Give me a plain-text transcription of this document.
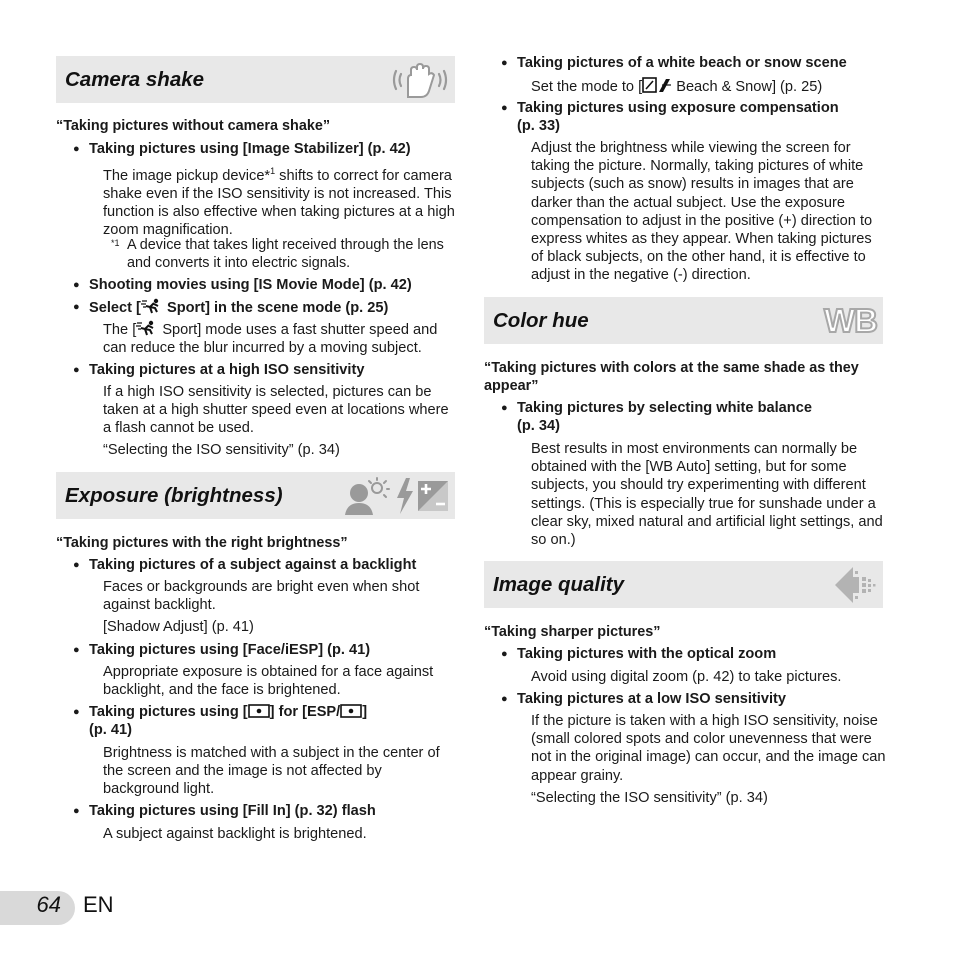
Camera shake
“Taking pictures without camera shake”
● Taking pictures using [Image Stabilizer] (p. 42)
The image pickup device*$^1$ shifts to correct for camera shake even if the ISO sensitivity is not increased. This function is also effective when taking pictures at a high zoom magnification.
*1 A device that takes light received through the lens and converts it into electric signals.
● Shooting movies using [IS Movie Mode] (p. 42)
● Select [ Sport] in the scene mode (p. 25)
The [ Sport] mode uses a fast shutter speed and can reduce the blur incurred by a moving subject.
● Taking pictures at a high ISO sensitivity
If a high ISO sensitivity is selected, pictures can be taken at a high shutter speed even at locations where a flash cannot be used.
“Selecting the ISO sensitivity” (p. 34)
Exposure (brightness)
“Taking pictures with the right brightness”
● Taking pictures of a subject against a backlight
Faces or backgrounds are bright even when shot against backlight.
[Shadow Adjust] (p. 41)
● Taking pictures using [Face/iESP] (p. 41)
Appropriate exposure is obtained for a face against backlight, and the face is brightened.
● Taking pictures using [ ] for [ESP/ ]
(p. 41)
Brightness is matched with a subject in the center of the screen and the image is not affected by background light.
● Taking pictures using [Fill In] (p. 32) flash
A subject against backlight is brightened.
● Taking pictures of a white beach or snow scene
Set the mode to [ Beach & Snow] (p. 25)
● Taking pictures using exposure compensation
(p. 33)
Adjust the brightness while viewing the screen for taking the picture. Normally, taking pictures of white subjects (such as snow) results in images that are darker than the actual subject. Use the exposure compensation to adjust in the positive (+) direction to express whites as they appear. When taking pictures of black subjects, on the other hand, it is effective to adjust in the negative (-) direction.
Color hue	WB
“Taking pictures with colors at the same shade as they appear”
● Taking pictures by selecting white balance
(p. 34)
Best results in most environments can normally be obtained with the [WB Auto] setting, but for some subjects, you should try experimenting with different settings. (This is especially true for sunshade under a clear sky, mixed natural and artificial light settings, and so on.)
Image quality
“Taking sharper pictures”
● Taking pictures with the optical zoom
Avoid using digital zoom (p. 42) to take pictures.
● Taking pictures at a low ISO sensitivity
If the picture is taken with a high ISO sensitivity, noise (small colored spots and color unevenness that were not in the original image) can occur, and the image can appear grainy.
“Selecting the ISO sensitivity” (p. 34)
64 EN
